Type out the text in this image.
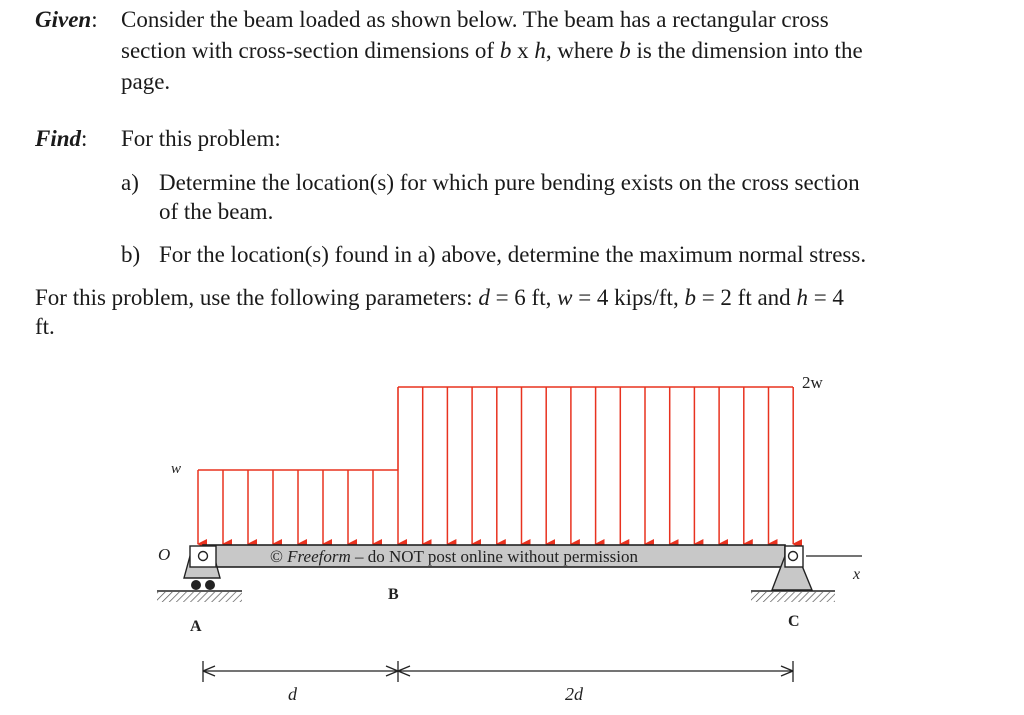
Given: Consider the beam loaded as shown below. The beam has a rectangular cross
section with cross-section dimensions of b x h, where b is the dimension into the
page.
Find: For this problem:
a) Determine the location(s) for which pure bending exists on the cross section
of the beam.
b) For the location(s) found in a) above, determine the maximum normal stress.
For this problem, use the following parameters: d = 6 ft, w = 4 kips/ft, b = 2 ft and h = 4
ft.
w
2w
x
© Freeform – do NOT post online without permission
O
A	C
B
d	2d
